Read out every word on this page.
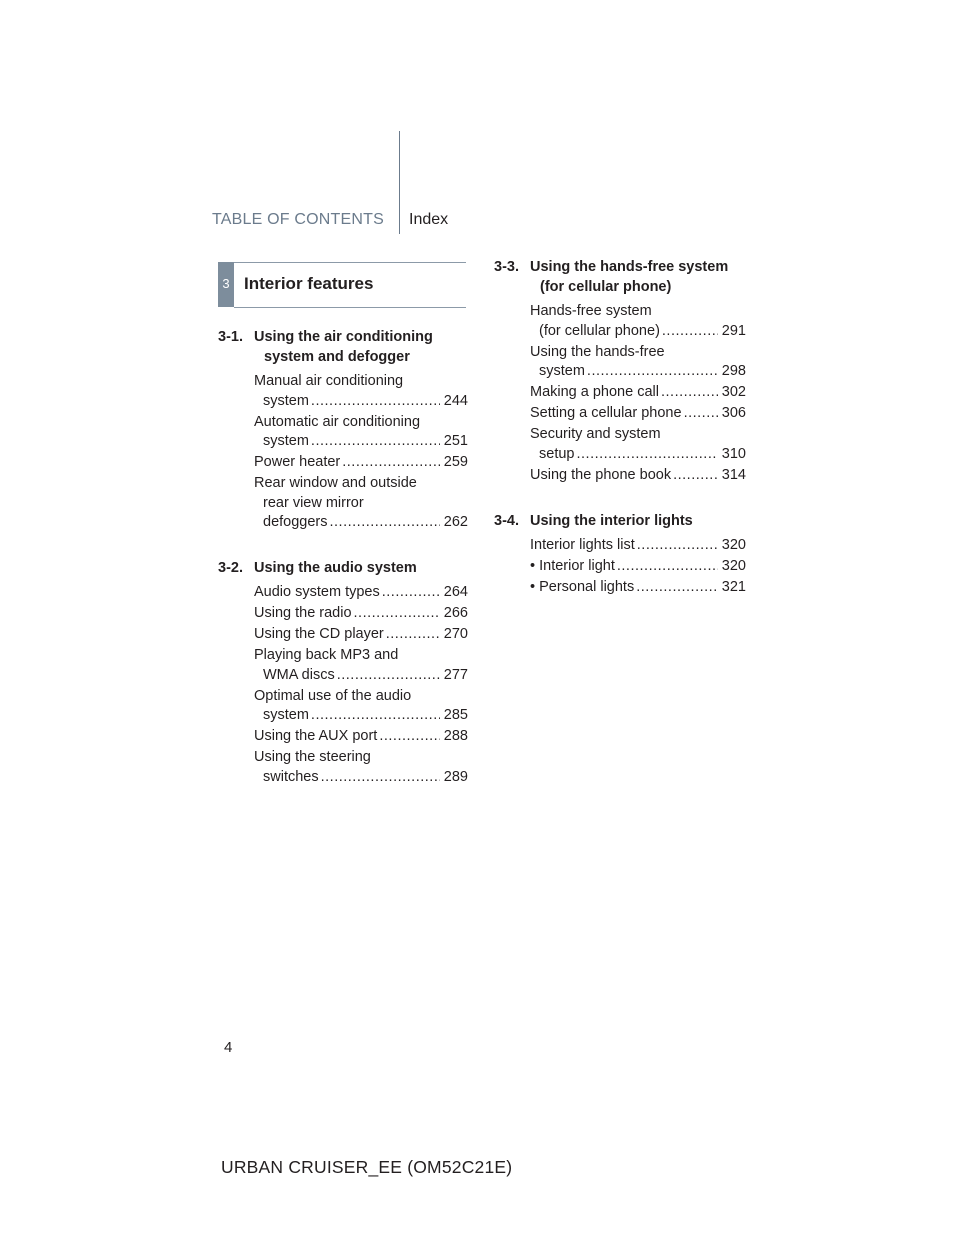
TABLE OF CONTENTS Index
3 Interior features
3-1. Using the air conditioning
system and defogger
Manual air conditioning
system .....	244
Automatic air conditioning
system .....	251
Power heater .....	259
Rear window and outside
rear view mirror
defoggers .....	262
3-2. Using the audio system
Audio system types .....	264
Using the radio .....	266
Using the CD player .....	270
Playing back MP3 and
WMA discs .....	277
Optimal use of the audio
system .....	285
Using the AUX port .....	288
Using the steering
switches .....	289
3-3. Using the hands-free system
(for cellular phone)
Hands-free system
(for cellular phone) .....	291
Using the hands-free
system .....	298
Making a phone call .....	302
Setting a cellular phone .....	306
Security and system
setup .....	310
Using the phone book .....	314
3-4. Using the interior lights
Interior lights list .....	320
• Interior light .....	320
• Personal lights .....	321
4
URBAN CRUISER_EE (OM52C21E)
